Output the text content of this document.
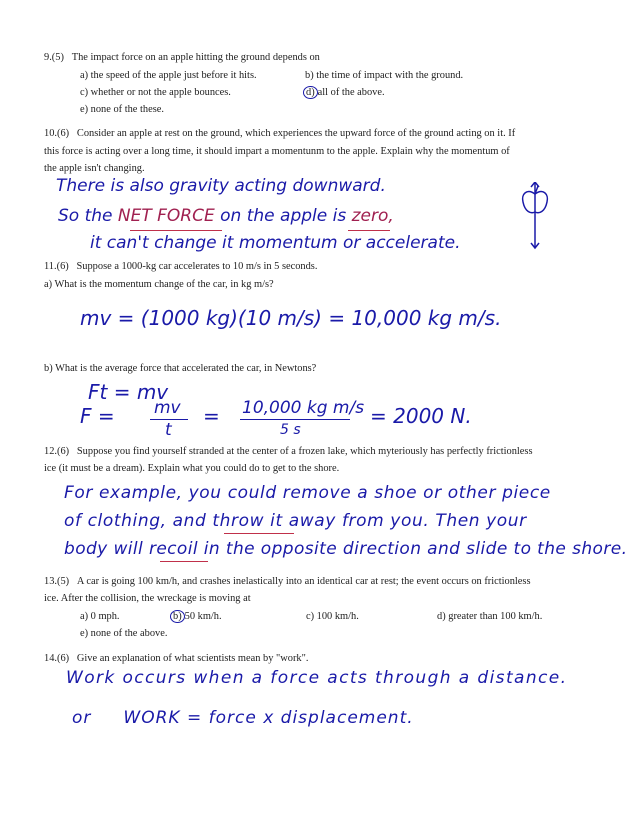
9.(5) The impact force on an apple hitting the ground depends on
a) the speed of the apple just before it hits.	b) the time of impact with the ground.
c) whether or not the apple bounces.	d) all of the above.
e) none of the these.
10.(6) Consider an apple at rest on the ground, which experiences the upward force of the ground acting on it. If
this force is acting over a long time, it should impart a momentunm to the apple. Explain why the momentum of
the apple isn't changing.
There is also gravity acting downward.
So the NET FORCE on the apple is zero,
it can't change it momentum or accelerate.
11.(6) Suppose a 1000-kg car accelerates to 10 m/s in 5 seconds.
a) What is the momentum change of the car, in kg m/s?
mv = (1000 kg)(10 m/s) = 10,000 kg m/s.
b) What is the average force that accelerated the car, in Newtons?
Ft = mv
F = mv
t
= 10,000 kg m/s
5 s
= 2000 N.
12.(6) Suppose you find yourself stranded at the center of a frozen lake, which myteriously has perfectly frictionless
ice (it must be a dream). Explain what you could do to get to the shore.
For example, you could remove a shoe or other piece
of clothing, and throw it away from you. Then your
body will recoil in the opposite direction and slide to the shore.
13.(5) A car is going 100 km/h, and crashes inelastically into an identical car at rest; the event occurs on frictionless
ice. After the collision, the wreckage is moving at
a) 0 mph.	b) 50 km/h.	c) 100 km/h.	d) greater than 100 km/h.
e) none of the above.
14.(6) Give an explanation of what scientists mean by "work".
Work occurs when a force acts through a distance.
or WORK = force x displacement.
